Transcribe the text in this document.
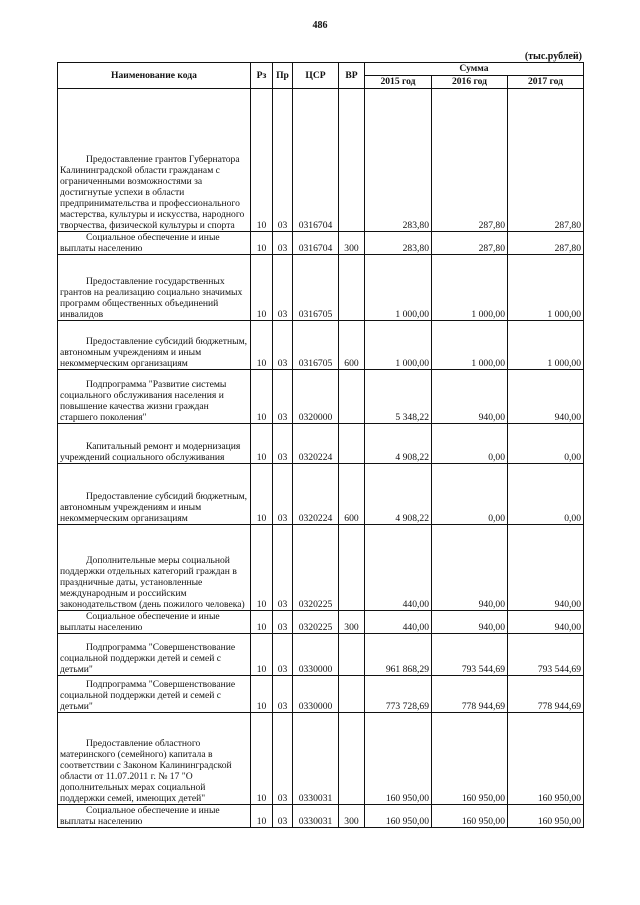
486
(тыс.рублей)
Наименование кода	Рз	Пр	ЦСР	ВР	Сумма		
					2015 год	2016 год	2017 год

Предоставление грантов Губернатора Калининградской области гражданам с ограниченными возможностями за достигнутые успехи в области предпринимательства и профессионального мастерства, культуры и искусства, народного творчества, физической культуры и спорта	10	03	0316704		283,80	287,80	287,80

Социальное обеспечение и иные выплаты населению	10	03	0316704	300	283,80	287,80	287,80

Предоставление государственных грантов на реализацию социально значимых программ общественных объединений инвалидов	10	03	0316705		1 000,00	1 000,00	1 000,00

Предоставление субсидий бюджетным, автономным учреждениям и иным некоммерческим организациям	10	03	0316705	600	1 000,00	1 000,00	1 000,00

Подпрограмма "Развитие системы социального обслуживания населения и повышение качества жизни граждан старшего поколения"	10	03	0320000		5 348,22	940,00	940,00

Капитальный ремонт и модернизация учреждений социального обслуживания	10	03	0320224		4 908,22	0,00	0,00

Предоставление субсидий бюджетным, автономным учреждениям и иным некоммерческим организациям	10	03	0320224	600	4 908,22	0,00	0,00

Дополнительные меры социальной поддержки отдельных категорий граждан в праздничные даты, установленные международным и российским законодательством (день пожилого человека)	10	03	0320225		440,00	940,00	940,00

Социальное обеспечение и иные выплаты населению	10	03	0320225	300	440,00	940,00	940,00

Подпрограмма "Совершенствование социальной поддержки детей и семей с детьми"	10	03	0330000		961 868,29	793 544,69	793 544,69

Подпрограмма "Совершенствование социальной поддержки детей и семей с детьми"	10	03	0330000		773 728,69	778 944,69	778 944,69

Предоставление областного материнского (семейного) капитала в соответствии с Законом Калининградской области от 11.07.2011 г. № 17 "О дополнительных мерах социальной поддержки семей, имеющих детей"	10	03	0330031		160 950,00	160 950,00	160 950,00

Социальное обеспечение и иные выплаты населению	10	03	0330031	300	160 950,00	160 950,00	160 950,00
